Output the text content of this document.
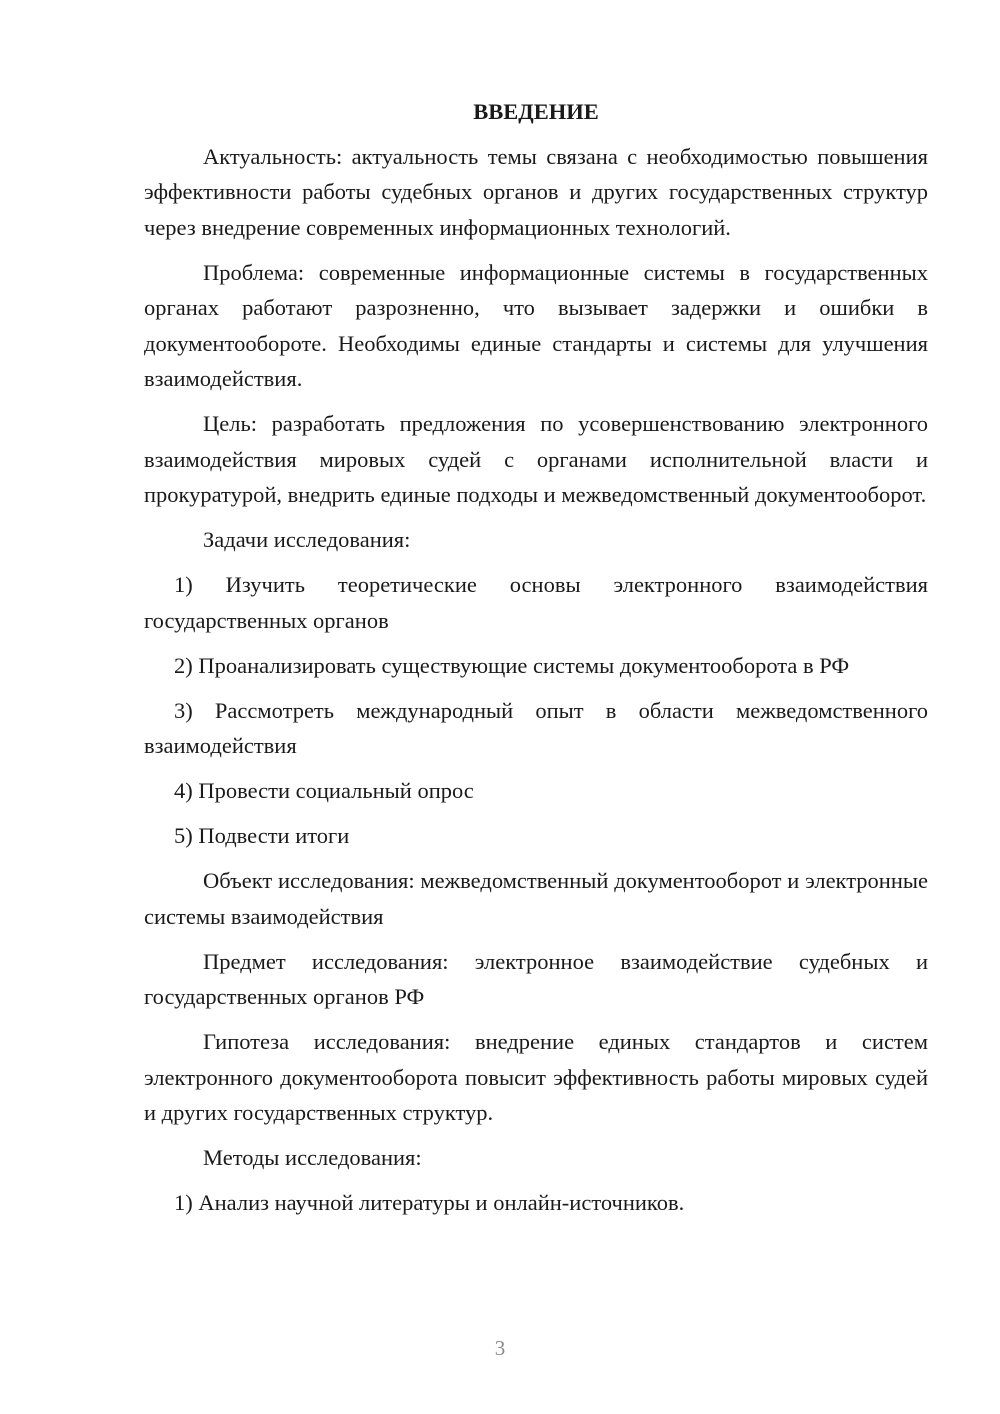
ВВЕДЕНИЕ

Актуальность: актуальность темы связана с необходимостью повышения эффективности работы судебных органов и других государственных структур через внедрение современных информационных технологий.

Проблема: современные информационные системы в государственных органах работают разрозненно, что вызывает задержки и ошибки в документообороте. Необходимы единые стандарты и системы для улучшения взаимодействия.

Цель: разработать предложения по усовершенствованию электронного взаимодействия мировых судей с органами исполнительной власти и прокуратурой, внедрить единые подходы и межведомственный документооборот.

Задачи исследования:

1) Изучить теоретические основы электронного взаимодействия государственных органов

2) Проанализировать существующие системы документооборота в РФ

3) Рассмотреть международный опыт в области межведомственного взаимодействия

4) Провести социальный опрос

5) Подвести итоги

Объект исследования: межведомственный документооборот и электронные системы взаимодействия

Предмет исследования: электронное взаимодействие судебных и государственных органов РФ

Гипотеза исследования: внедрение единых стандартов и систем электронного документооборота повысит эффективность работы мировых судей и других государственных структур.

Методы исследования:

1) Анализ научной литературы и онлайн-источников.

3
